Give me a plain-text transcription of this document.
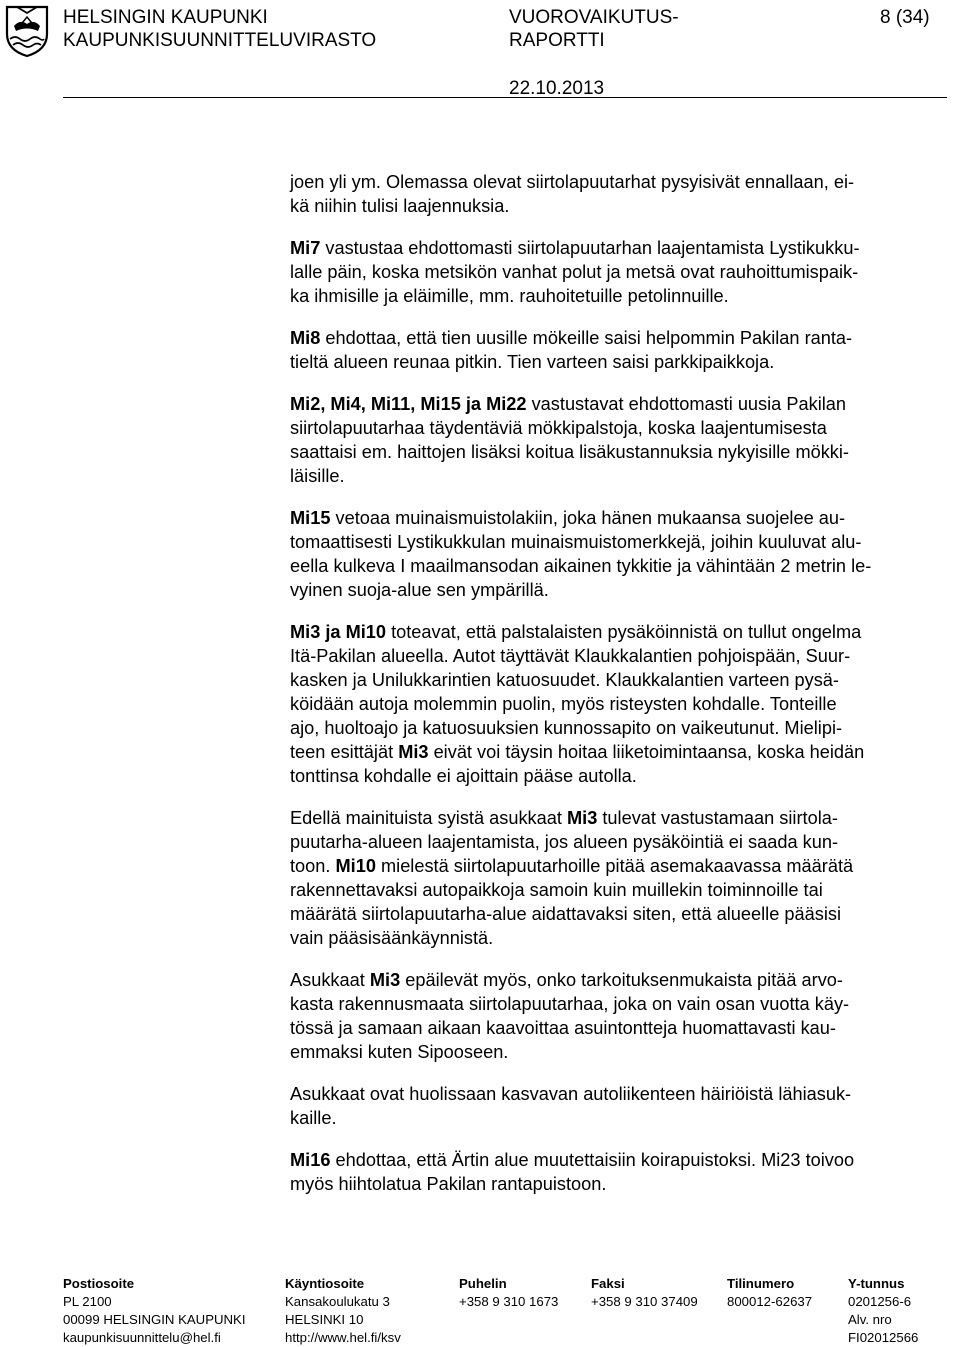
HELSINGIN KAUPUNKI
KAUPUNKISUUNNITTELUVIRASTO
VUOROVAIKUTUS-
RAPORTTI
8 (34)
22.10.2013
joen yli ym. Olemassa olevat siirtolapuutarhat pysyisivät ennallaan, ei-
kä niihin tulisi laajennuksia.
Mi7 vastustaa ehdottomasti siirtolapuutarhan laajentamista Lystikukku-
lalle päin, koska metsikön vanhat polut ja metsä ovat rauhoittumispaik-
ka ihmisille ja eläimille, mm. rauhoitetuille petolinnuille.
Mi8 ehdottaa, että tien uusille mökeille saisi helpommin Pakilan ranta-
tieltä alueen reunaa pitkin. Tien varteen saisi parkkipaikkoja.
Mi2, Mi4, Mi11, Mi15 ja Mi22 vastustavat ehdottomasti uusia Pakilan
siirtolapuutarhaa täydentäviä mökkipalstoja, koska laajentumisesta
saattaisi em. haittojen lisäksi koitua lisäkustannuksia nykyisille mökki-
läisille.
Mi15 vetoaa muinaismuistolakiin, joka hänen mukaansa suojelee au-
tomaattisesti Lystikukkulan muinaismuistomerkkejä, joihin kuuluvat alu-
eella kulkeva I maailmansodan aikainen tykkitie ja vähintään 2 metrin le-
vyinen suoja-alue sen ympärillä.
Mi3 ja Mi10 toteavat, että palstalaisten pysäköinnistä on tullut ongelma
Itä-Pakilan alueella. Autot täyttävät Klaukkalantien pohjoispään, Suur-
kasken ja Unilukkarintien katuosuudet. Klaukkalantien varteen pysä-
köidään autoja molemmin puolin, myös risteysten kohdalle. Tonteille
ajo, huoltoajo ja katuosuuksien kunnossapito on vaikeutunut. Mielipi-
teen esittäjät Mi3 eivät voi täysin hoitaa liiketoimintaansa, koska heidän
tonttinsa kohdalle ei ajoittain pääse autolla.
Edellä mainituista syistä asukkaat Mi3 tulevat vastustamaan siirtola-
puutarha-alueen laajentamista, jos alueen pysäköintiä ei saada kun-
toon. Mi10 mielestä siirtolapuutarhoille pitää asemakaavassa määrätä
rakennettavaksi autopaikkoja samoin kuin muillekin toiminnoille tai
määrätä siirtolapuutarha-alue aidattavaksi siten, että alueelle pääsisi
vain pääsisäänkäynnistä.
Asukkaat Mi3 epäilevät myös, onko tarkoituksenmukaista pitää arvo-
kasta rakennusmaata siirtolapuutarhaa, joka on vain osan vuotta käy-
tössä ja samaan aikaan kaavoittaa asuintontteja huomattavasti kau-
emmaksi kuten Sipooseen.
Asukkaat ovat huolissaan kasvavan autoliikenteen häiriöistä lähiasuk-
kaille.
Mi16 ehdottaa, että Ärtin alue muutettaisiin koirapuistoksi. Mi23 toivoo
myös hiihtolatua Pakilan rantapuistoon.
Postiosoite
PL 2100
00099 HELSINGIN KAUPUNKI
kaupunkisuunnittelu@hel.fi
Käyntiosoite
Kansakoulukatu 3
HELSINKI 10
http://www.hel.fi/ksv
Puhelin
+358 9 310 1673
Faksi
+358 9 310 37409
Tilinumero
800012-62637
Y-tunnus
0201256-6
Alv. nro
FI02012566
